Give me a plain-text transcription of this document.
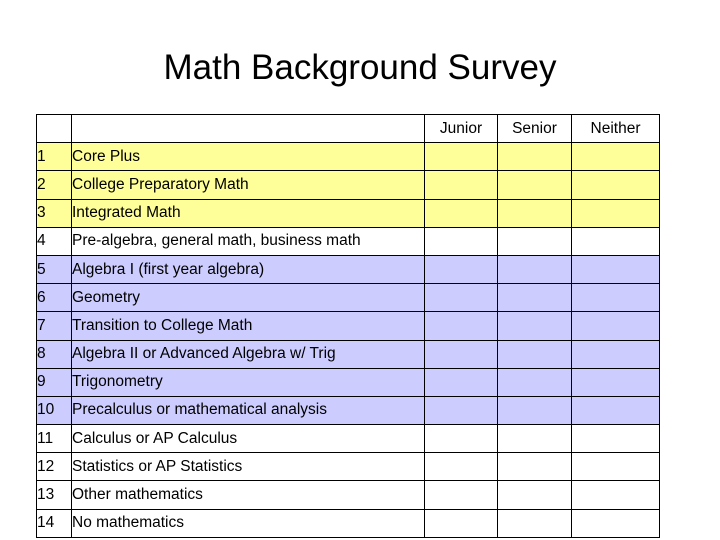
Math Background Survey
		Junior	Senior	Neither
1	Core Plus			
2	College Preparatory Math			
3	Integrated Math			
4	Pre-algebra, general math, business math			
5	Algebra I (first year algebra)			
6	Geometry			
7	Transition to College Math			
8	Algebra II or Advanced Algebra w/ Trig			
9	Trigonometry			
10	Precalculus or mathematical analysis			
11	Calculus or AP Calculus			
12	Statistics or AP Statistics			
13	Other mathematics			
14	No mathematics			
